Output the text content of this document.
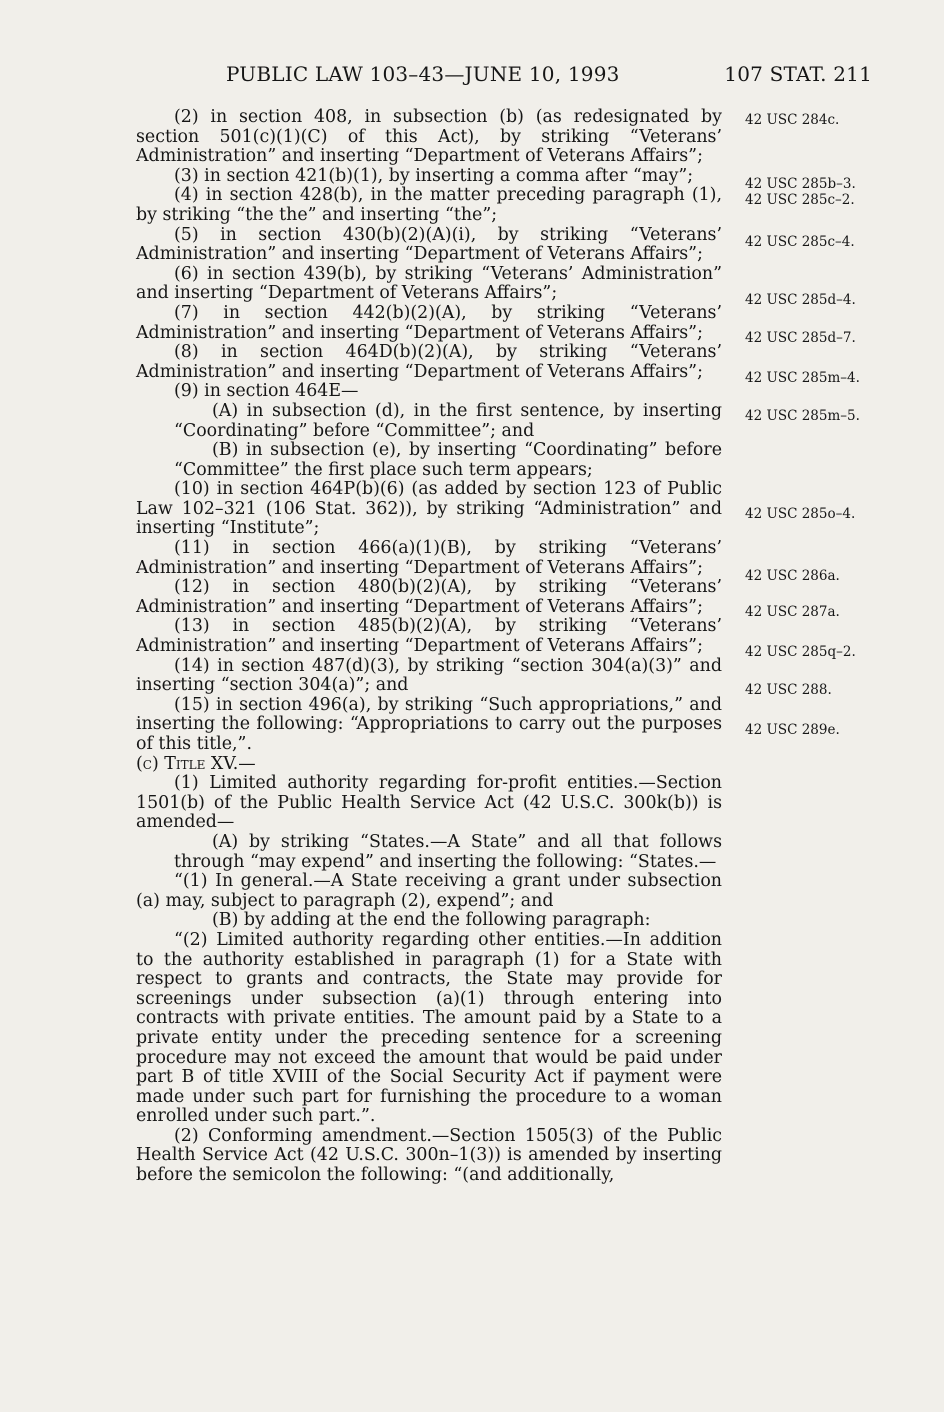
PUBLIC LAW 103–43—JUNE 10, 1993	107 STAT. 211

(2) in section 408, in subsection (b) (as redesignated by section 501(c)(1)(C) of this Act), by striking “Veterans’ Administration” and inserting “Department of Veterans Affairs”;

(3) in section 421(b)(1), by inserting a comma after “may”;

(4) in section 428(b), in the matter preceding paragraph (1), by striking “the the” and inserting “the”;

(5) in section 430(b)(2)(A)(i), by striking “Veterans’ Administration” and inserting “Department of Veterans Affairs”;

(6) in section 439(b), by striking “Veterans’ Administration” and inserting “Department of Veterans Affairs”;

(7) in section 442(b)(2)(A), by striking “Veterans’ Administration” and inserting “Department of Veterans Affairs”;

(8) in section 464D(b)(2)(A), by striking “Veterans’ Administration” and inserting “Department of Veterans Affairs”;

(9) in section 464E—

(A) in subsection (d), in the first sentence, by inserting “Coordinating” before “Committee”; and

(B) in subsection (e), by inserting “Coordinating” before “Committee” the first place such term appears;

(10) in section 464P(b)(6) (as added by section 123 of Public Law 102–321 (106 Stat. 362)), by striking “Administration” and inserting “Institute”;

(11) in section 466(a)(1)(B), by striking “Veterans’ Administration” and inserting “Department of Veterans Affairs”;

(12) in section 480(b)(2)(A), by striking “Veterans’ Administration” and inserting “Department of Veterans Affairs”;

(13) in section 485(b)(2)(A), by striking “Veterans’ Administration” and inserting “Department of Veterans Affairs”;

(14) in section 487(d)(3), by striking “section 304(a)(3)” and inserting “section 304(a)”; and

(15) in section 496(a), by striking “Such appropriations,” and inserting the following: “Appropriations to carry out the purposes of this title,”.

(c) Title XV.—

(1) Limited authority regarding for-profit entities.—Section 1501(b) of the Public Health Service Act (42 U.S.C. 300k(b)) is amended—

(A) by striking “States.—A State” and all that follows through “may expend” and inserting the following: “States.—

“(1) In general.—A State receiving a grant under subsection (a) may, subject to paragraph (2), expend”; and

(B) by adding at the end the following paragraph:

“(2) Limited authority regarding other entities.—In addition to the authority established in paragraph (1) for a State with respect to grants and contracts, the State may provide for screenings under subsection (a)(1) through entering into contracts with private entities. The amount paid by a State to a private entity under the preceding sentence for a screening procedure may not exceed the amount that would be paid under part B of title XVIII of the Social Security Act if payment were made under such part for furnishing the procedure to a woman enrolled under such part.”.

(2) Conforming amendment.—Section 1505(3) of the Public Health Service Act (42 U.S.C. 300n–1(3)) is amended by inserting before the semicolon the following: “(and additionally,

42 USC 284c.
42 USC 285b–3.
42 USC 285c–2.
42 USC 285c–4.
42 USC 285d–4.
42 USC 285d–7.
42 USC 285m–4.
42 USC 285m–5.
42 USC 285o–4.
42 USC 286a.
42 USC 287a.
42 USC 285q–2.
42 USC 288.
42 USC 289e.
